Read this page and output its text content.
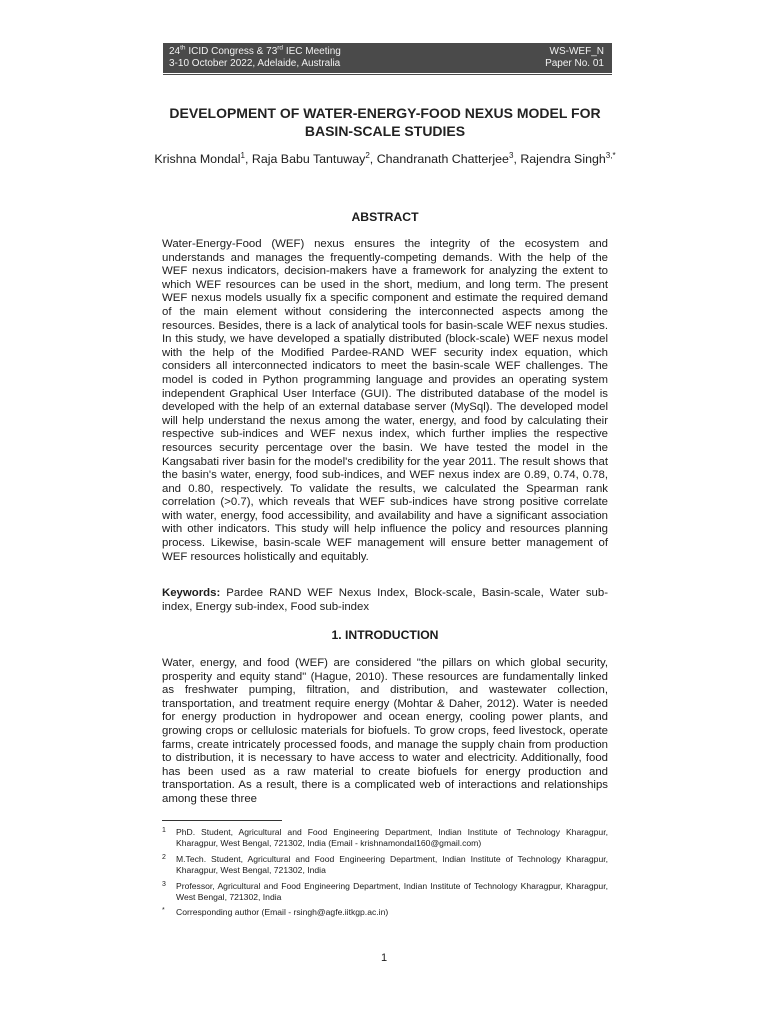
24th ICID Congress & 73rd IEC Meeting
3-10 October 2022, Adelaide, Australia
WS-WEF_N
Paper No. 01
DEVELOPMENT OF WATER-ENERGY-FOOD NEXUS MODEL FOR BASIN-SCALE STUDIES
Krishna Mondal$^1$, Raja Babu Tantuway$^2$, Chandranath Chatterjee$^3$, Rajendra Singh$^{3,*}$
ABSTRACT

Water-Energy-Food (WEF) nexus ensures the integrity of the ecosystem and understands and manages the frequently-competing demands. With the help of the WEF nexus indicators, decision-makers have a framework for analyzing the extent to which WEF resources can be used in the short, medium, and long term. The present WEF nexus models usually fix a specific component and estimate the required demand of the main element without considering the interconnected aspects among the resources. Besides, there is a lack of analytical tools for basin-scale WEF nexus studies. In this study, we have developed a spatially distributed (block-scale) WEF nexus model with the help of the Modified Pardee-RAND WEF security index equation, which considers all interconnected indicators to meet the basin-scale WEF challenges. The model is coded in Python programming language and provides an operating system independent Graphical User Interface (GUI). The distributed database of the model is developed with the help of an external database server (MySql). The developed model will help understand the nexus among the water, energy, and food by calculating their respective sub-indices and WEF nexus index, which further implies the respective resources security percentage over the basin. We have tested the model in the Kangsabati river basin for the model's credibility for the year 2011. The result shows that the basin's water, energy, food sub-indices, and WEF nexus index are 0.89, 0.74, 0.78, and 0.80, respectively. To validate the results, we calculated the Spearman rank correlation (>0.7), which reveals that WEF sub-indices have strong positive correlate with water, energy, food accessibility, and availability and have a significant association with other indicators. This study will help influence the policy and resources planning process. Likewise, basin-scale WEF management will ensure better management of WEF resources holistically and equitably.

Keywords: Pardee RAND WEF Nexus Index, Block-scale, Basin-scale, Water sub-index, Energy sub-index, Food sub-index

1. INTRODUCTION

Water, energy, and food (WEF) are considered "the pillars on which global security, prosperity and equity stand" (Hague, 2010). These resources are fundamentally linked as freshwater pumping, filtration, and distribution, and wastewater collection, transportation, and treatment require energy (Mohtar & Daher, 2012). Water is needed for energy production in hydropower and ocean energy, cooling power plants, and growing crops or cellulosic materials for biofuels. To grow crops, feed livestock, operate farms, create intricately processed foods, and manage the supply chain from production to distribution, it is necessary to have access to water and electricity. Additionally, food has been used as a raw material to create biofuels for energy production and transportation. As a result, there is a complicated web of interactions and relationships among these three

1 PhD. Student, Agricultural and Food Engineering Department, Indian Institute of Technology Kharagpur, Kharagpur, West Bengal, 721302, India (Email - krishnamondal160@gmail.com)
2 M.Tech. Student, Agricultural and Food Engineering Department, Indian Institute of Technology Kharagpur, Kharagpur, West Bengal, 721302, India
3 Professor, Agricultural and Food Engineering Department, Indian Institute of Technology Kharagpur, Kharagpur, West Bengal, 721302, India
* Corresponding author (Email - rsingh@agfe.iitkgp.ac.in)
1
